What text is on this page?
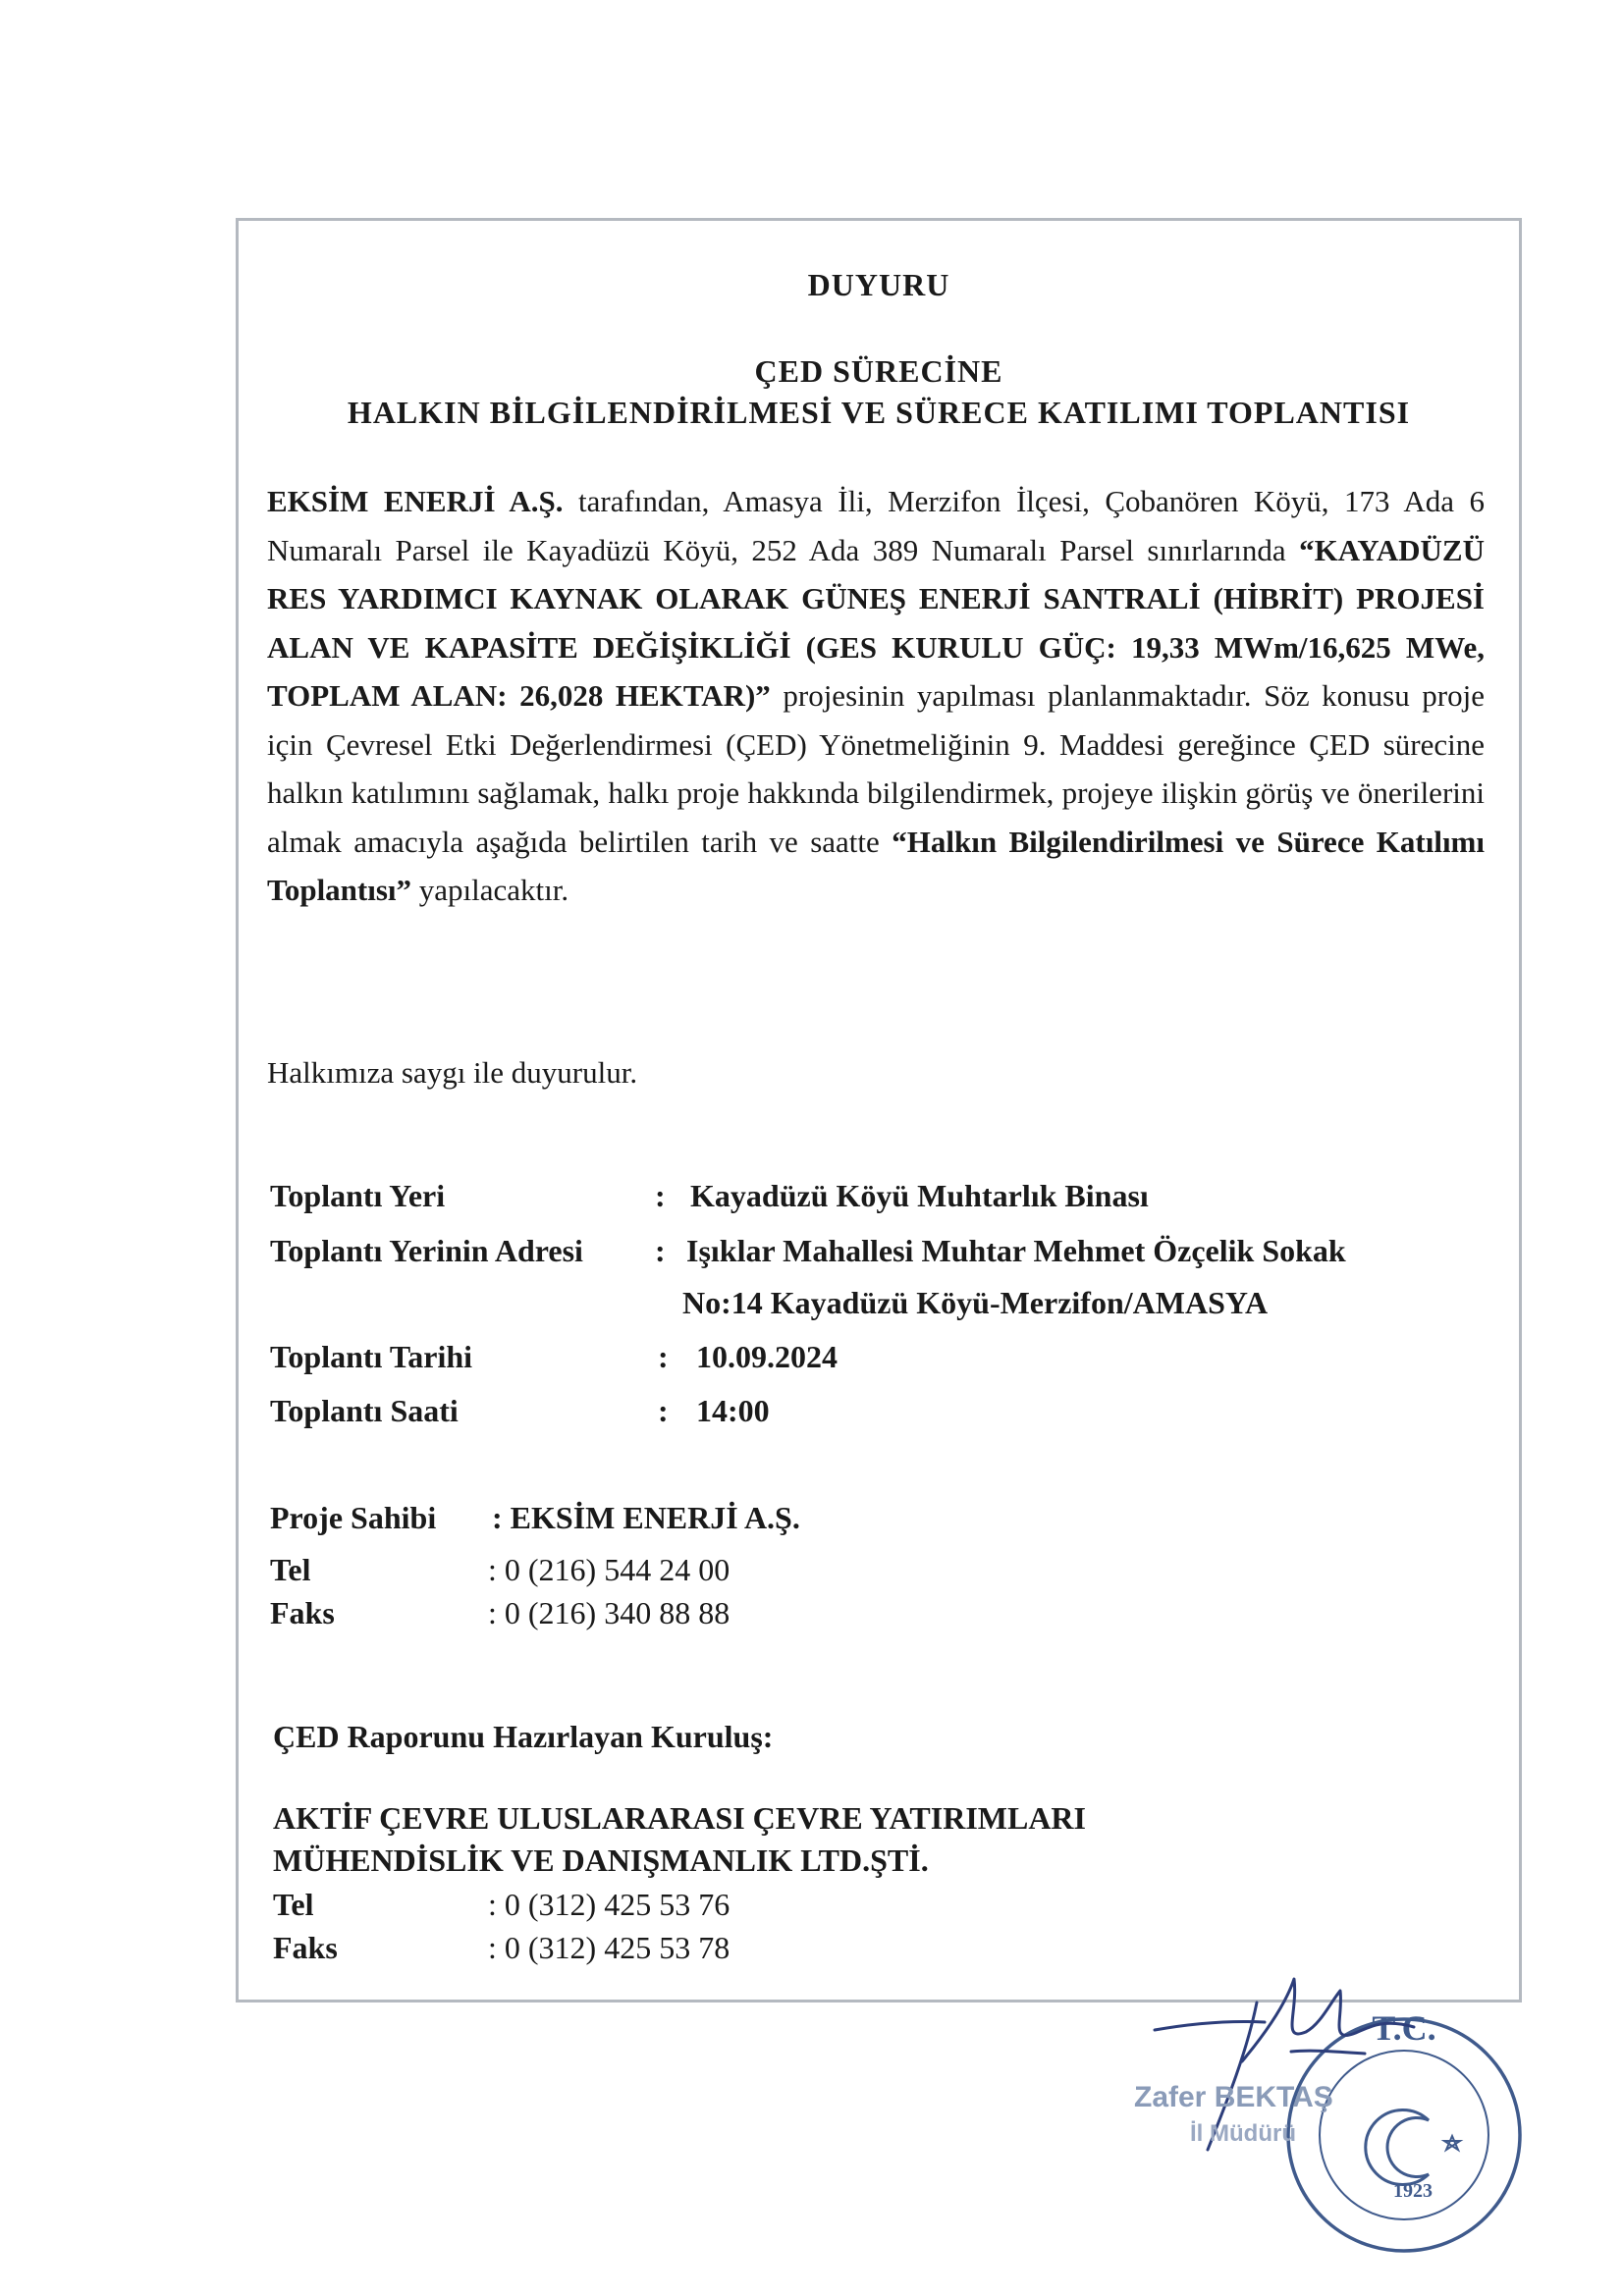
DUYURU
ÇED SÜRECİNE
HALKIN BİLGİLENDİRİLMESİ VE SÜRECE KATILIMI TOPLANTISI

EKSİM ENERJİ A.Ş. tarafından, Amasya İli, Merzifon İlçesi, Çobanören Köyü, 173 Ada 6 Numaralı Parsel ile Kayadüzü Köyü, 252 Ada 389 Numaralı Parsel sınırlarında “KAYADÜZÜ RES YARDIMCI KAYNAK OLARAK GÜNEŞ ENERJİ SANTRALİ (HİBRİT) PROJESİ ALAN VE KAPASİTE DEĞİŞİKLİĞİ (GES KURULU GÜÇ: 19,33 MWm/16,625 MWe, TOPLAM ALAN: 26,028 HEKTAR)” projesinin yapılması planlanmaktadır. Söz konusu proje için Çevresel Etki Değerlendirmesi (ÇED) Yönetmeliğinin 9. Maddesi gereğince ÇED sürecine halkın katılımını sağlamak, halkı proje hakkında bilgilendirmek, projeye ilişkin görüş ve önerilerini almak amacıyla aşağıda belirtilen tarih ve saatte “Halkın Bilgilendirilmesi ve Sürece Katılımı Toplantısı” yapılacaktır.

Halkımıza saygı ile duyurulur.

Toplantı Yeri	: Kayadüzü Köyü Muhtarlık Binası
Toplantı Yerinin Adresi : Işıklar Mahallesi Muhtar Mehmet Özçelik Sokak
No:14 Kayadüzü Köyü-Merzifon/AMASYA
Toplantı Tarihi	: 10.09.2024
Toplantı Saati	: 14:00
Proje Sahibi : EKSİM ENERJİ A.Ş.
Tel	: 0 (216) 544 24 00
Faks	: 0 (216) 340 88 88

ÇED Raporunu Hazırlayan Kuruluş:

AKTİF ÇEVRE ULUSLARARASI ÇEVRE YATIRIMLARI

MÜHENDİSLİK VE DANIŞMANLIK LTD.ŞTİ.

Tel	: 0 (312) 425 53 76
Faks	: 0 (312) 425 53 78
T.C.
1923
Zafer BEKTAŞ
İl Müdürü
